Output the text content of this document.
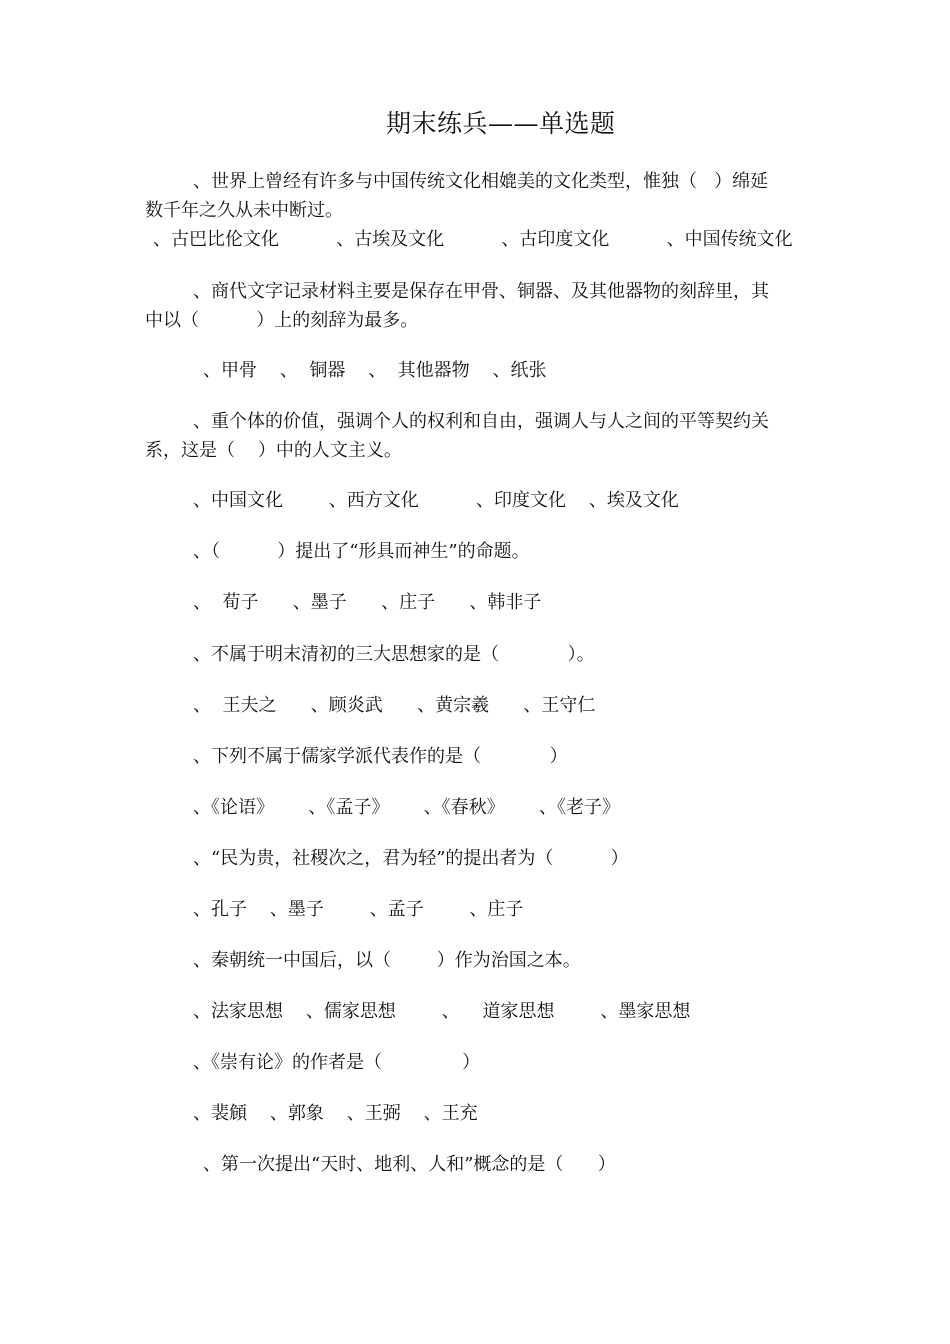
期末练兵——单选题
、世界上曾经有许多与中国传统文化相媲美的文化类型，惟独（   ）绵延
数千年之久从未中断过。
、古巴比伦文化          、古埃及文化          、古印度文化          、中国传统文化
、商代文字记录材料主要是保存在甲骨、铜器、及其他器物的刻辞里，其
中以（          ）上的刻辞为最多。
、甲骨    、  铜器    、  其他器物    、纸张
、重个体的价值，强调个人的权利和自由，强调人与人之间的平等契约关
系，这是（    ）中的人文主义。
、中国文化        、西方文化          、印度文化    、埃及文化
、（          ）提出了“形具而神生”的命题。
、  荀子      、墨子      、庄子      、韩非子
、不属于明末清初的三大思想家的是（            ）。
、  王夫之      、顾炎武      、黄宗羲      、王守仁
、下列不属于儒家学派代表作的是（            ）
、《论语》      、《孟子》      、《春秋》      、《老子》
、“民为贵，社稷次之，君为轻”的提出者为（          ）
、孔子    、墨子        、孟子        、庄子
、秦朝统一中国后，以（        ）作为治国之本。
、法家思想    、儒家思想        、    道家思想        、墨家思想
、《崇有论》的作者是（              ）
、裴頠    、郭象    、王弼    、王充
、第一次提出“天时、地利、人和”概念的是（      ）
